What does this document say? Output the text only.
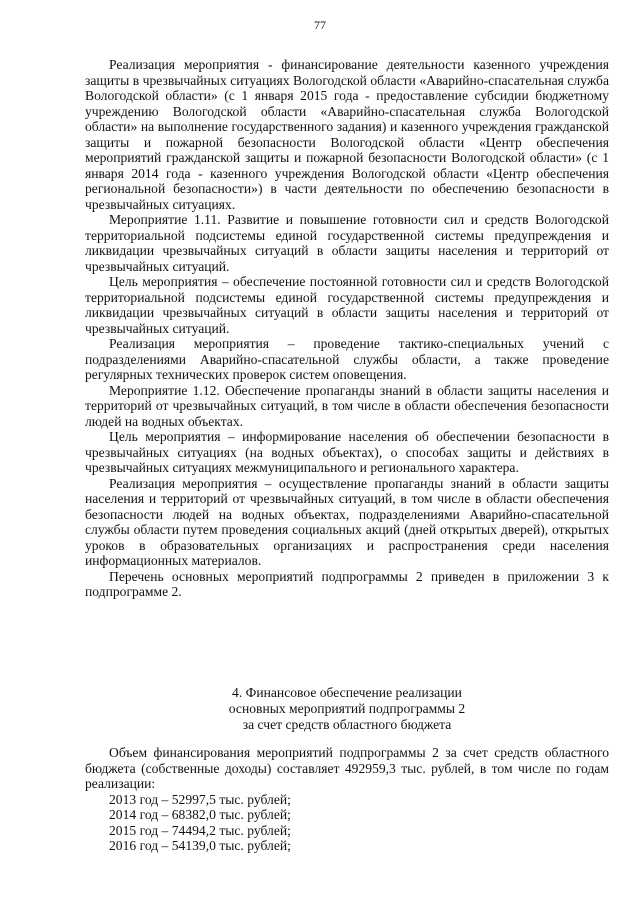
77

Реализация мероприятия - финансирование деятельности казенного учреждения защиты в чрезвычайных ситуациях Вологодской области «Аварийно-спасательная служба Вологодской области» (с 1 января 2015 года - предоставление субсидии бюджетному учреждению Вологодской области «Аварийно-спасательная служба Вологодской области» на выполнение государственного задания) и казенного учреждения гражданской защиты и пожарной безопасности Вологодской области «Центр обеспечения мероприятий гражданской защиты и пожарной безопасности Вологодской области» (с 1 января 2014 года - казенного учреждения Вологодской области «Центр обеспечения региональной безопасности») в части деятельности по обеспечению безопасности в чрезвычайных ситуациях.

Мероприятие 1.11. Развитие и повышение готовности сил и средств Вологодской территориальной подсистемы единой государственной системы предупреждения и ликвидации чрезвычайных ситуаций в области защиты населения и территорий от чрезвычайных ситуаций.

Цель мероприятия – обеспечение постоянной готовности сил и средств Вологодской территориальной подсистемы единой государственной системы предупреждения и ликвидации чрезвычайных ситуаций в области защиты населения и территорий от чрезвычайных ситуаций.

Реализация мероприятия – проведение тактико-специальных учений с подразделениями Аварийно-спасательной службы области, а также проведение регулярных технических проверок систем оповещения.

Мероприятие 1.12. Обеспечение пропаганды знаний в области защиты населения и территорий от чрезвычайных ситуаций, в том числе в области обеспечения безопасности людей на водных объектах.

Цель мероприятия – информирование населения об обеспечении безопасности в чрезвычайных ситуациях (на водных объектах), о способах защиты и действиях в чрезвычайных ситуациях межмуниципального и регионального характера.

Реализация мероприятия – осуществление пропаганды знаний в области защиты населения и территорий от чрезвычайных ситуаций, в том числе в области обеспечения безопасности людей на водных объектах, подразделениями Аварийно-спасательной службы области путем проведения социальных акций (дней открытых дверей), открытых уроков в образовательных организациях и распространения среди населения информационных материалов.

Перечень основных мероприятий подпрограммы 2 приведен в приложении 3 к подпрограмме 2.

4. Финансовое обеспечение реализации
основных мероприятий подпрограммы 2
за счет средств областного бюджета

Объем финансирования мероприятий подпрограммы 2 за счет средств областного бюджета (собственные доходы) составляет 492959,3 тыс. рублей, в том числе по годам реализации:

2013 год – 52997,5 тыс. рублей;
2014 год – 68382,0 тыс. рублей;
2015 год – 74494,2 тыс. рублей;
2016 год – 54139,0 тыс. рублей;
